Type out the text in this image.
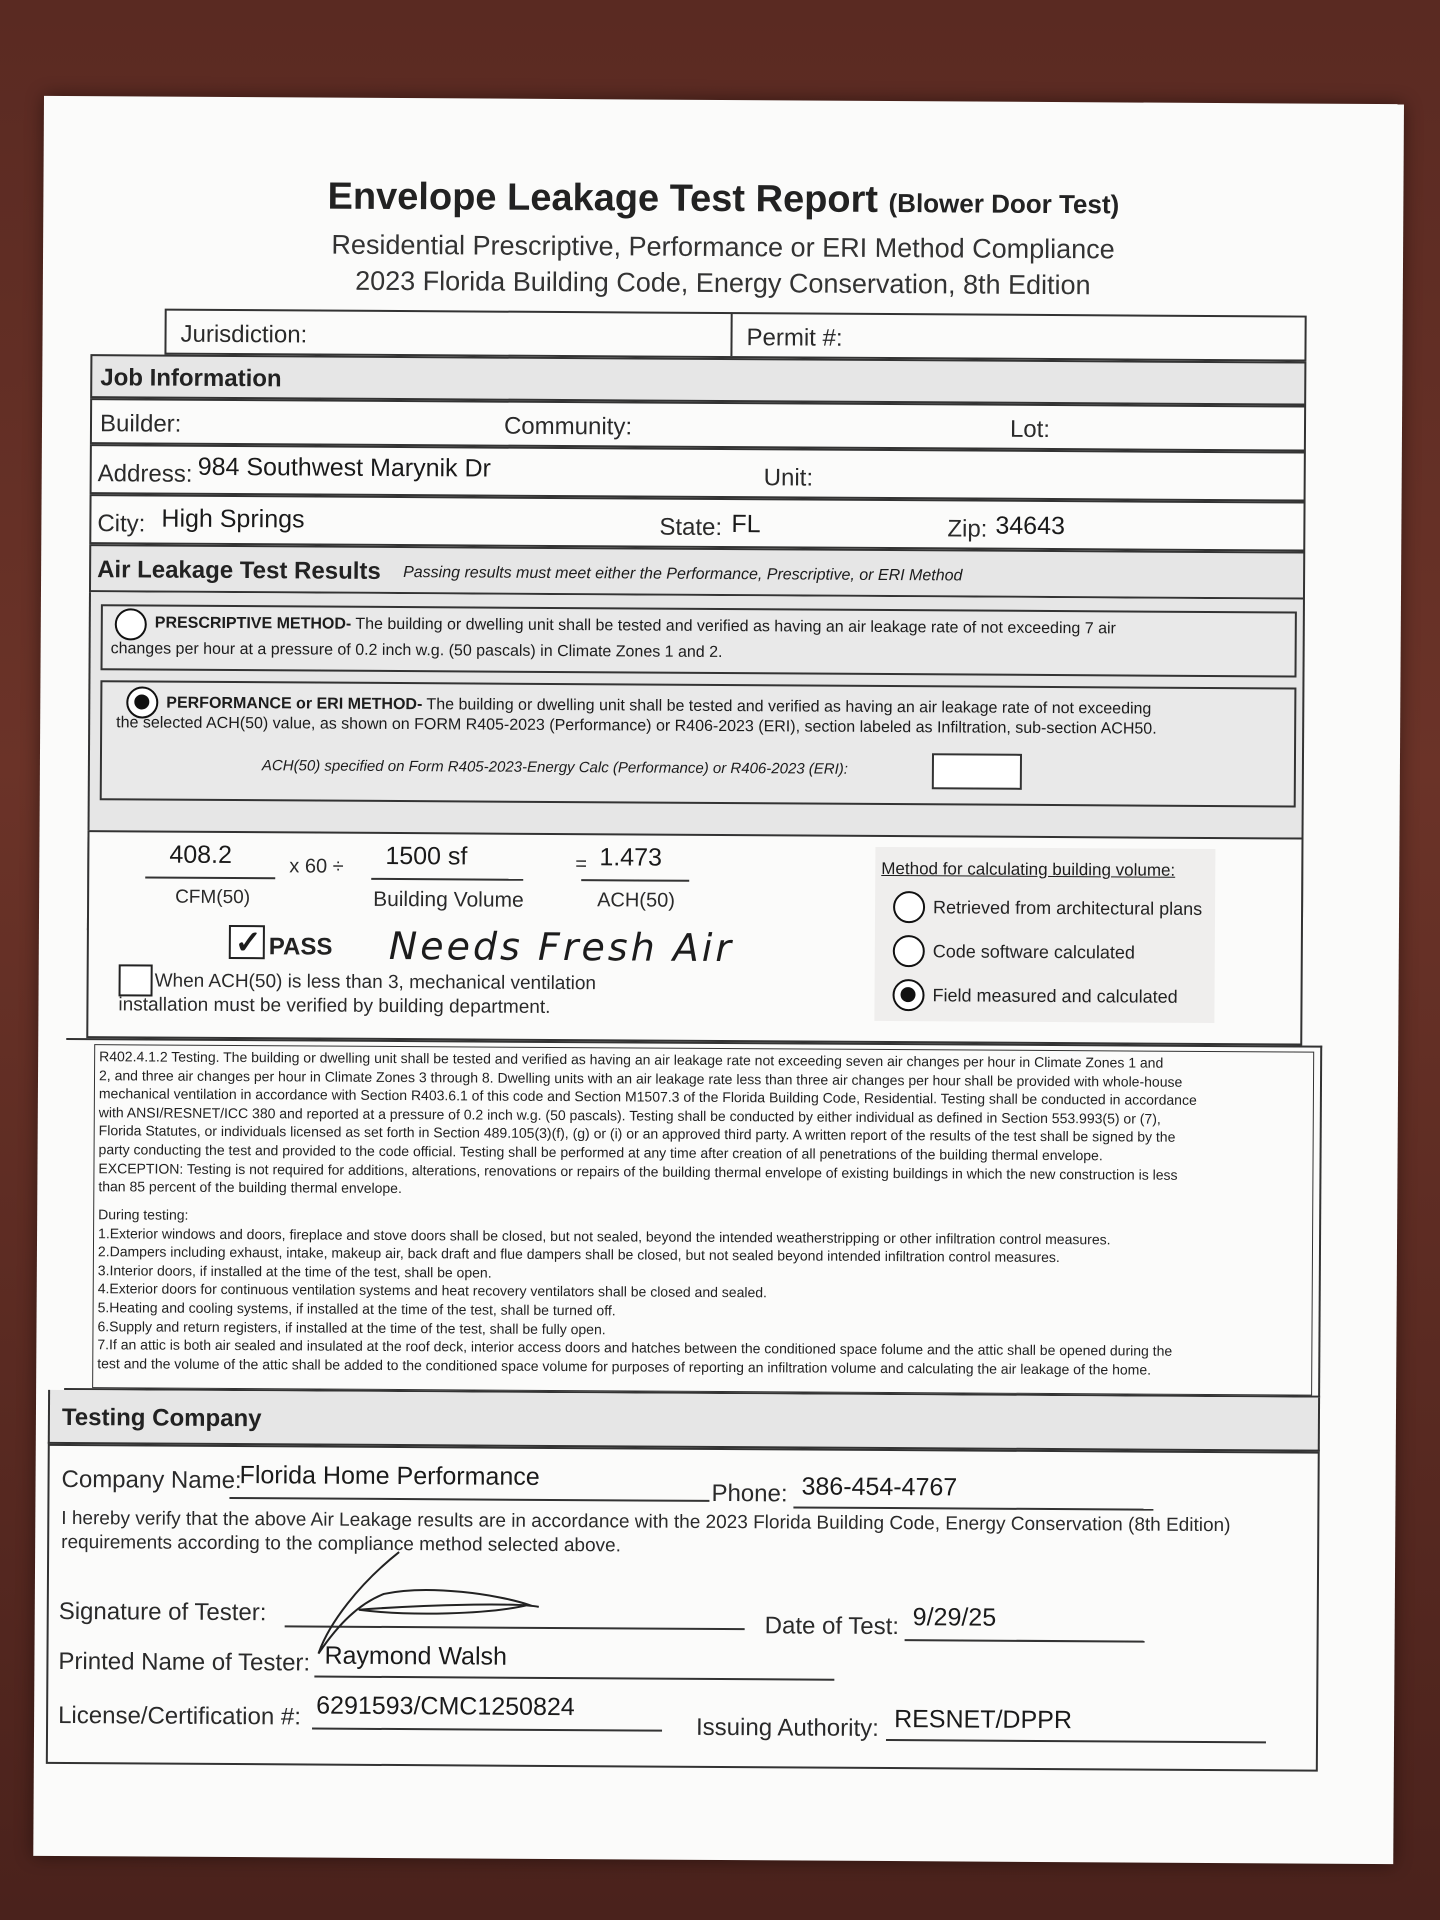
Envelope Leakage Test Report (Blower Door Test)
Residential Prescriptive, Performance or ERI Method Compliance
2023 Florida Building Code, Energy Conservation, 8th Edition
Jurisdiction:	Permit #:
Job Information
Builder:	Community:	Lot:
Address: 984 Southwest Marynik Dr	Unit:
City: High Springs	State: FL	Zip: 34643
Air Leakage Test Results Passing results must meet either the Performance, Prescriptive, or ERI Method
PRESCRIPTIVE METHOD- The building or dwelling unit shall be tested and verified as having an air leakage rate of not exceeding 7 air
changes per hour at a pressure of 0.2 inch w.g. (50 pascals) in Climate Zones 1 and 2.
PERFORMANCE or ERI METHOD- The building or dwelling unit shall be tested and verified as having an air leakage rate of not exceeding
the selected ACH(50) value, as shown on FORM R405-2023 (Performance) or R406-2023 (ERI), section labeled as Infiltration, sub-section ACH50.
ACH(50) specified on Form R405-2023-Energy Calc (Performance) or R406-2023 (ERI):
408.2
CFM(50)
x 60 ÷ 1500 sf
Building Volume
= 1.473
ACH(50)
✓ PASS Needs Fresh Air
When ACH(50) is less than 3, mechanical ventilation
installation must be verified by building department.
Method for calculating building volume:
Retrieved from architectural plans
Code software calculated
Field measured and calculated

R402.4.1.2 Testing. The building or dwelling unit shall be tested and verified as having an air leakage rate not exceeding seven air changes per hour in Climate Zones 1 and

2, and three air changes per hour in Climate Zones 3 through 8. Dwelling units with an air leakage rate less than three air changes per hour shall be provided with whole-house

mechanical ventilation in accordance with Section R403.6.1 of this code and Section M1507.3 of the Florida Building Code, Residential. Testing shall be conducted in accordance

with ANSI/RESNET/ICC 380 and reported at a pressure of 0.2 inch w.g. (50 pascals). Testing shall be conducted by either individual as defined in Section 553.993(5) or (7),

Florida Statutes, or individuals licensed as set forth in Section 489.105(3)(f), (g) or (i) or an approved third party. A written report of the results of the test shall be signed by the

party conducting the test and provided to the code official. Testing shall be performed at any time after creation of all penetrations of the building thermal envelope.

EXCEPTION: Testing is not required for additions, alterations, renovations or repairs of the building thermal envelope of existing buildings in which the new construction is less

than 85 percent of the building thermal envelope.

During testing:

1.Exterior windows and doors, fireplace and stove doors shall be closed, but not sealed, beyond the intended weatherstripping or other infiltration control measures.

2.Dampers including exhaust, intake, makeup air, back draft and flue dampers shall be closed, but not sealed beyond intended infiltration control measures.

3.Interior doors, if installed at the time of the test, shall be open.

4.Exterior doors for continuous ventilation systems and heat recovery ventilators shall be closed and sealed.

5.Heating and cooling systems, if installed at the time of the test, shall be turned off.

6.Supply and return registers, if installed at the time of the test, shall be fully open.

7.If an attic is both air sealed and insulated at the roof deck, interior access doors and hatches between the conditioned space folume and the attic shall be opened during the

test and the volume of the attic shall be added to the conditioned space volume for purposes of reporting an infiltration volume and calculating the air leakage of the home.

Testing Company
Company Name:
Florida Home Performance
Phone: 386-454-4767
I hereby verify that the above Air Leakage results are in accordance with the 2023 Florida Building Code, Energy Conservation (8th Edition)
requirements according to the compliance method selected above.
Signature of Tester:	Date of Test: 9/29/25
Printed Name of Tester: Raymond Walsh
License/Certification #: 6291593/CMC1250824
Issuing Authority: RESNET/DPPR
